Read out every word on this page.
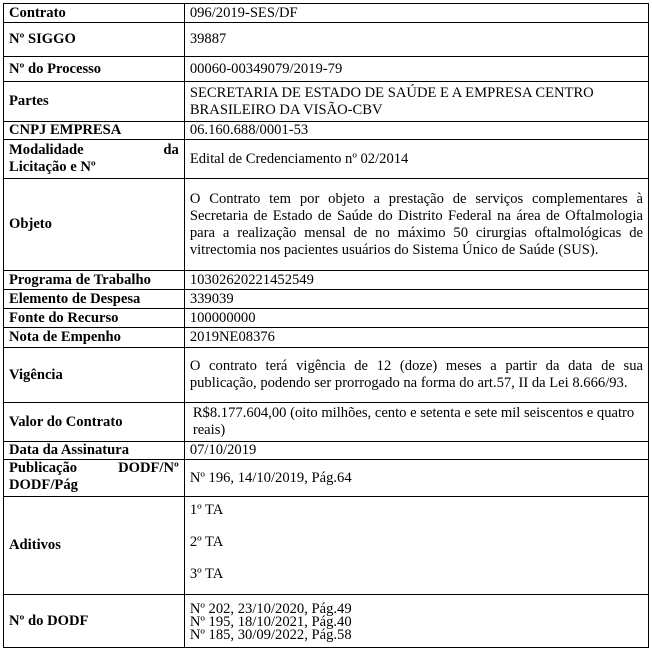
Contrato	096/2019-SES/DF
Nº SIGGO	39887
Nº do Processo	00060-00349079/2019-79
Partes	SECRETARIA DE ESTADO DE SAÚDE E A EMPRESA CENTRO BRASILEIRO DA VISÃO-CBV
CNPJ EMPRESA	06.160.688/0001-53

Modalidade da
Licitação e Nº	Edital de Credenciamento nº 02/2014
Objeto	O Contrato tem por objeto a prestação de serviços complementares à Secretaria de Estado de Saúde do Distrito Federal na área de Oftalmologia para a realização mensal de no máximo 50 cirurgias oftalmológicas de vitrectomia nos pacientes usuários do Sistema Único de Saúde (SUS).
Programa de Trabalho	10302620221452549
Elemento de Despesa	339039
Fonte do Recurso	100000000
Nota de Empenho	2019NE08376
Vigência	O contrato terá vigência de 12 (doze) meses a partir da data de sua publicação, podendo ser prorrogado na forma do art.57, II da Lei 8.666/93.
Valor do Contrato	R$8.177.604,00 (oito milhões, cento e setenta e sete mil seiscentos e quatro reais)
Data da Assinatura	07/10/2019

Publicação DODF/Nº
DODF/Pág	Nº 196, 14/10/2019, Pág.64
Aditivos	1º TA
2º TA
3º TA

Nº do DODF	Nº 202, 23/10/2020, Pág.49
Nº 195, 18/10/2021, Pág.40
Nº 185, 30/09/2022, Pág.58
